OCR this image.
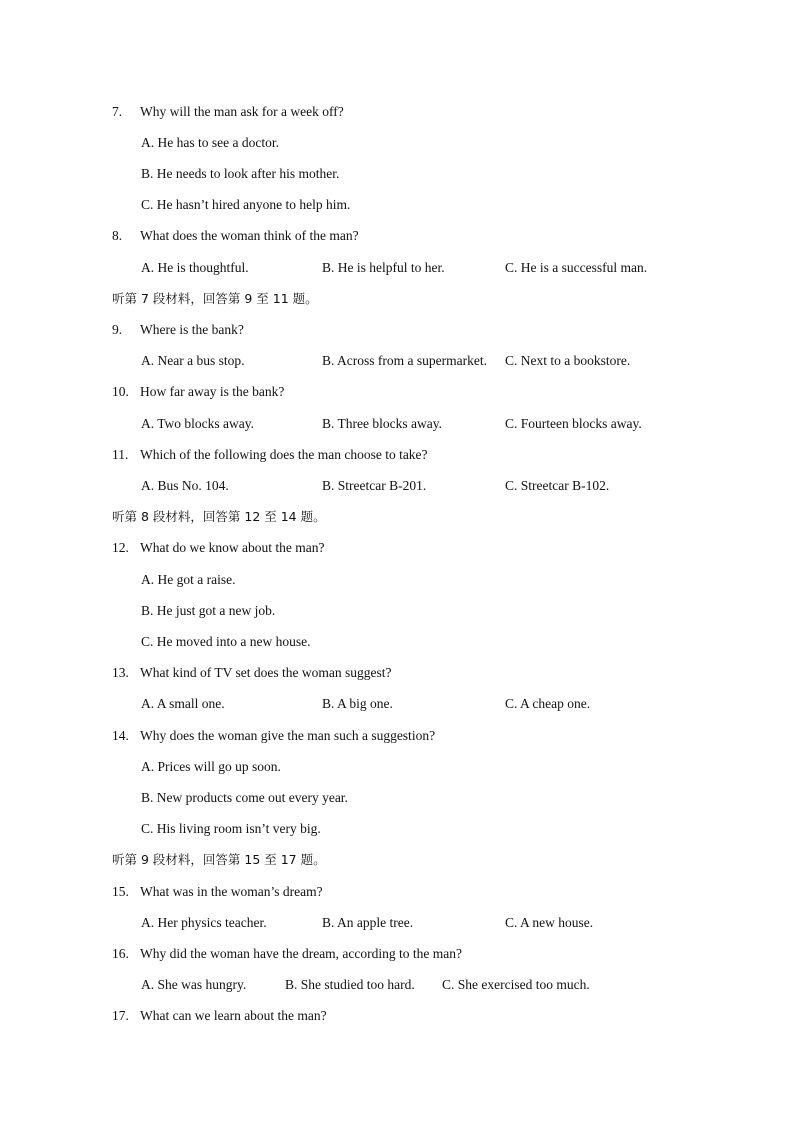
7. Why will the man ask for a week off?
A. He has to see a doctor.
B. He needs to look after his mother.
C. He hasn’t hired anyone to help him.
8. What does the woman think of the man?
A. He is thoughtful.	B. He is helpful to her.	C. He is a successful man.
听第 7 段材料，回答第 9 至 11 题。
9. Where is the bank?
A. Near a bus stop.	B. Across from a supermarket. C. Next to a bookstore.
10. How far away is the bank?
A. Two blocks away.	B. Three blocks away.	C. Fourteen blocks away.
11. Which of the following does the man choose to take?
A. Bus No. 104.	B. Streetcar B-201.	C. Streetcar B-102.
听第 8 段材料，回答第 12 至 14 题。
12. What do we know about the man?
A. He got a raise.
B. He just got a new job.
C. He moved into a new house.
13. What kind of TV set does the woman suggest?
A. A small one.	B. A big one.	C. A cheap one.
14. Why does the woman give the man such a suggestion?
A. Prices will go up soon.
B. New products come out every year.
C. His living room isn’t very big.
听第 9 段材料，回答第 15 至 17 题。
15. What was in the woman’s dream?
A. Her physics teacher.	B. An apple tree.	C. A new house.
16. Why did the woman have the dream, according to the man?
A. She was hungry.	B. She studied too hard. C. She exercised too much.
17. What can we learn about the man?
